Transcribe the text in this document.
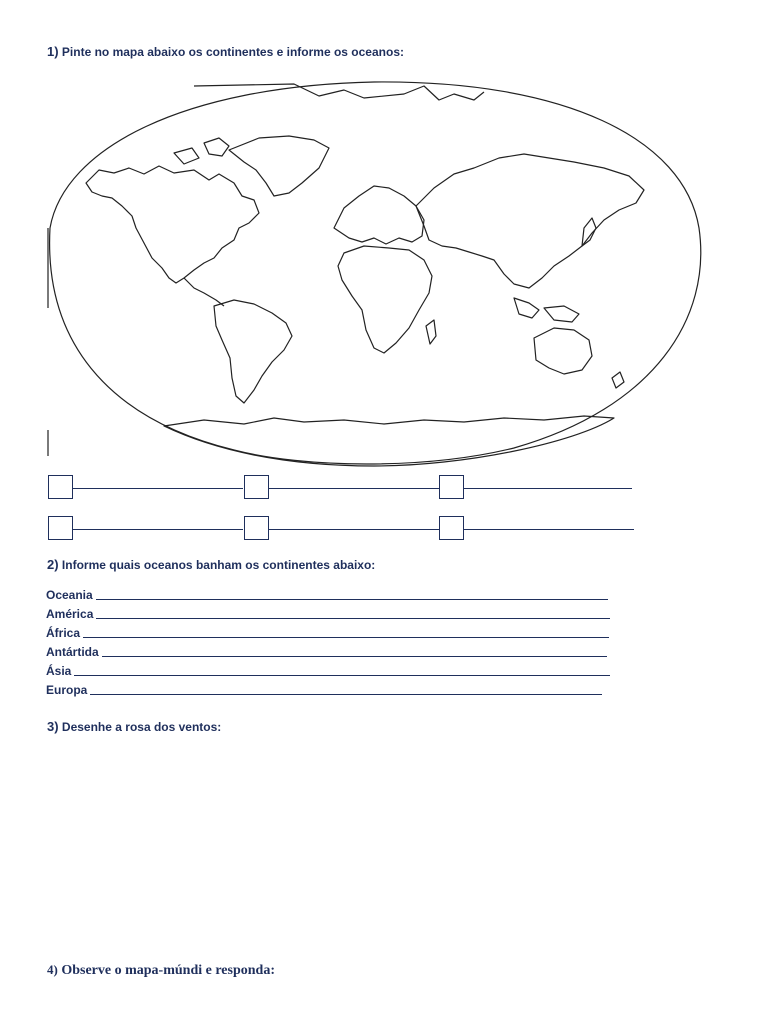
1) Pinte no mapa abaixo os continentes e informe os oceanos:
2) Informe quais oceanos banham os continentes abaixo:
Oceania
América
África
Antártida
Ásia
Europa
3) Desenhe a rosa dos ventos:
4) Observe o mapa-múndi e responda:
